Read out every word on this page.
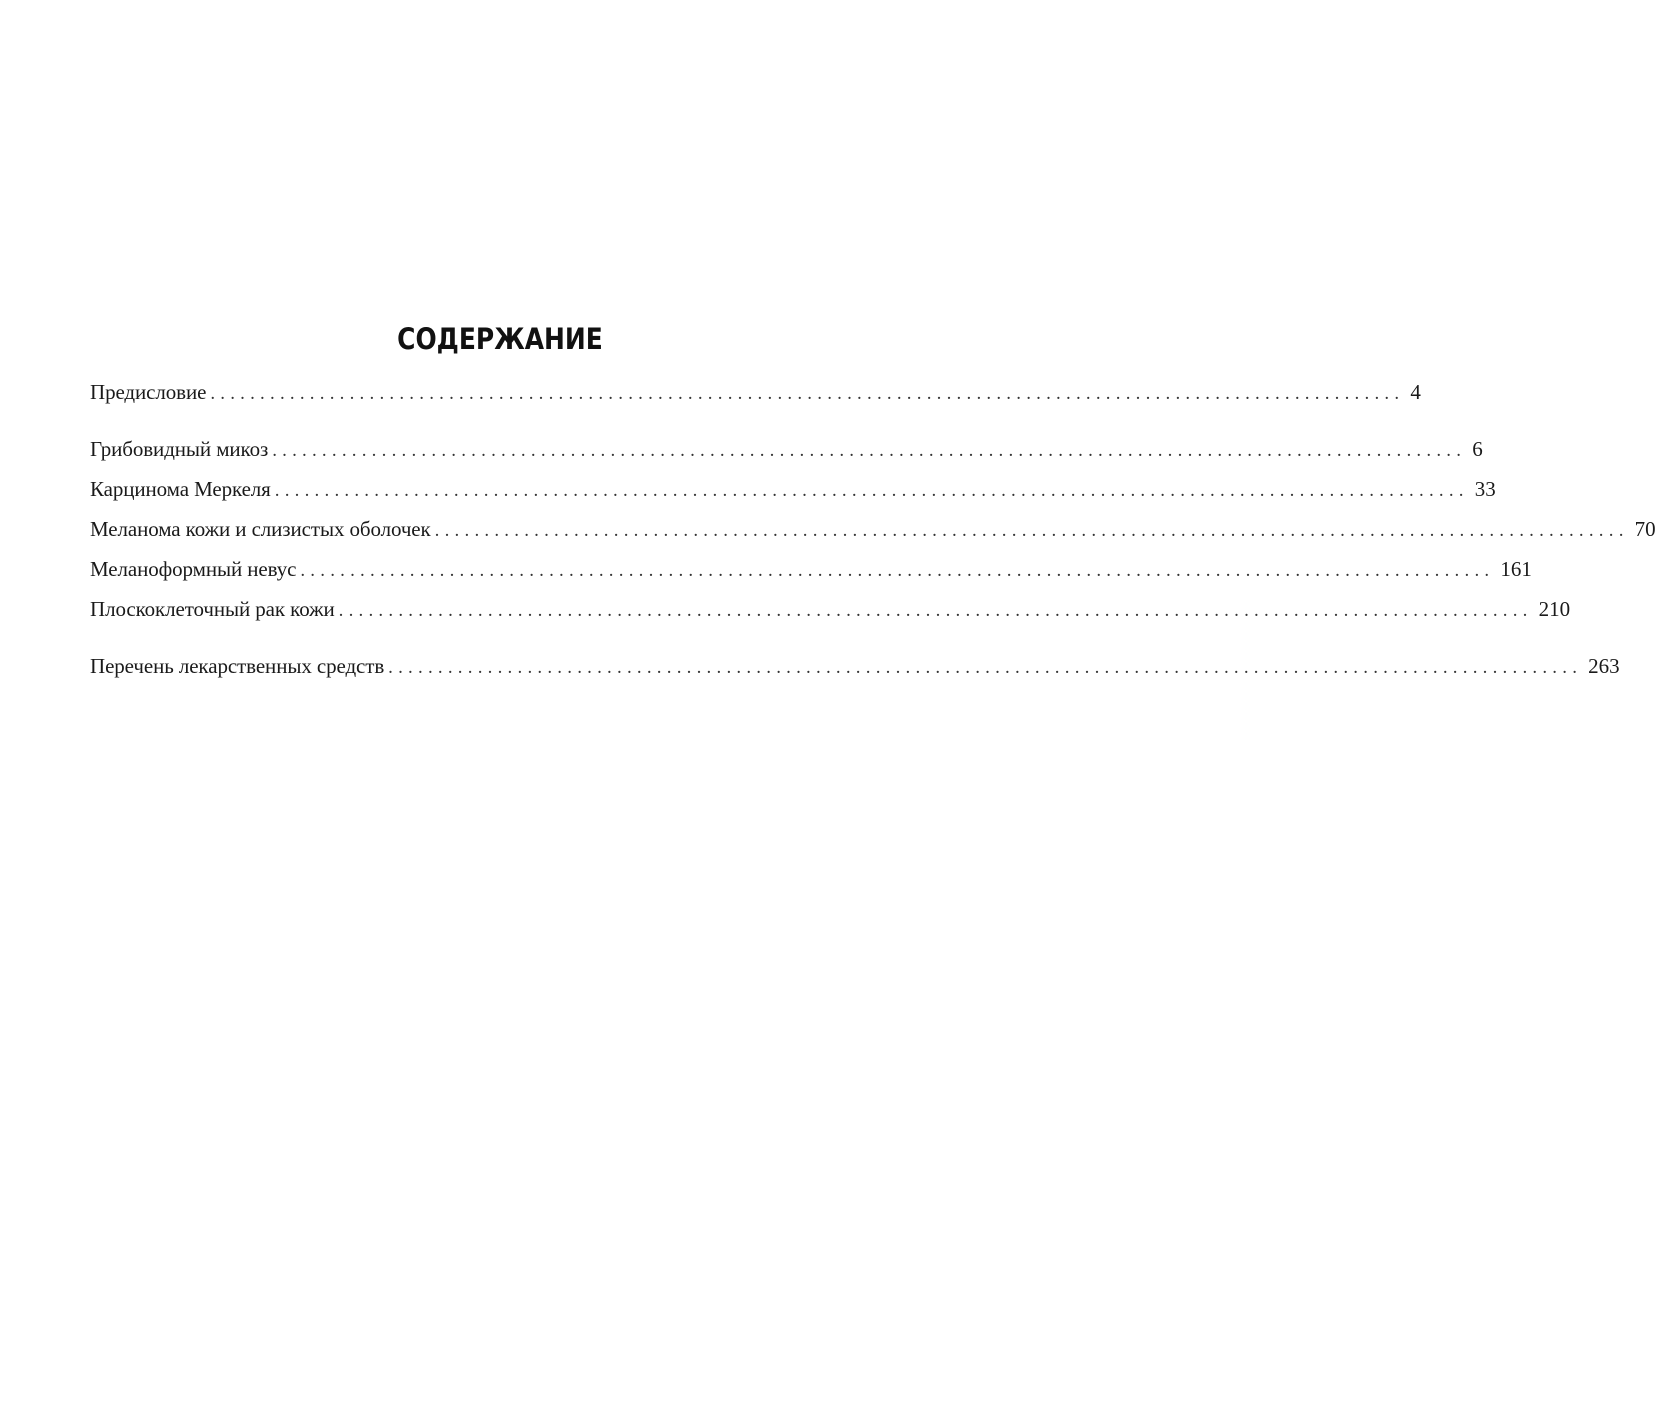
СОДЕРЖАНИЕ
Предисловие ........................................................................................................................ 4
Грибовидный микоз ........................................................................................................................ 6
Карцинома Меркеля ........................................................................................................................ 33
Меланома кожи и слизистых оболочек ........................................................................................................................ 70
Меланоформный невус ........................................................................................................................ 161
Плоскоклеточный рак кожи ........................................................................................................................ 210
Перечень лекарственных средств ........................................................................................................................ 263
